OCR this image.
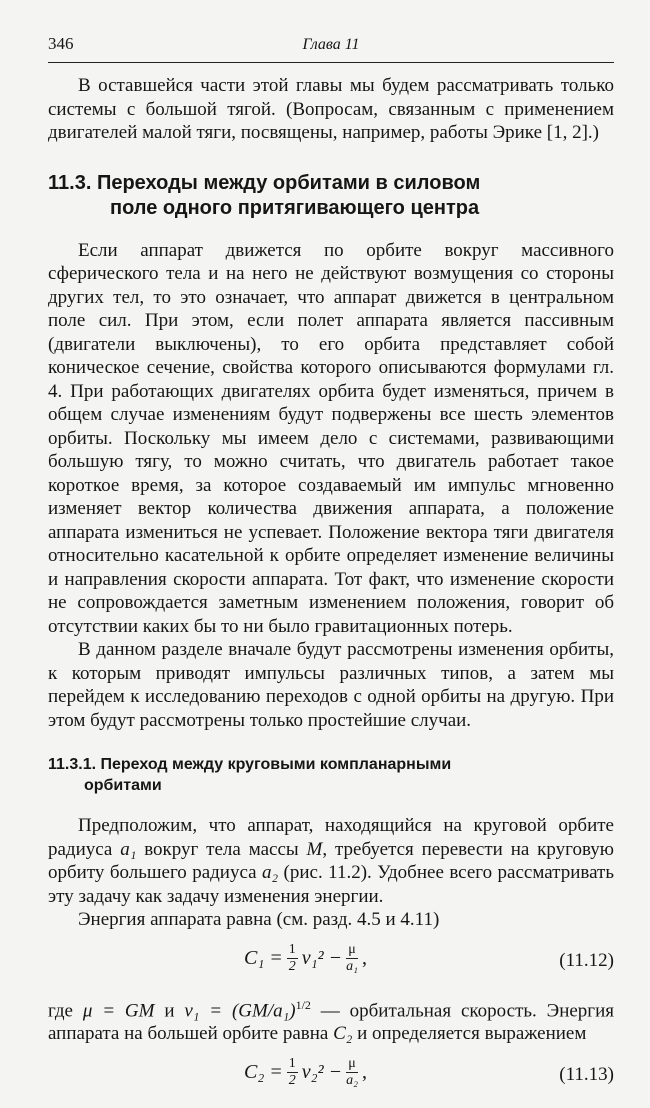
346	Глава 11

В оставшейся части этой главы мы будем рассматривать только системы с большой тягой. (Вопросам, связанным с применением двигателей малой тяги, посвящены, например, работы Эрике [1, 2].)

11.3. Переходы между орбитами в силовом
поле одного притягивающего центра

Если аппарат движется по орбите вокруг массивного сферического тела и на него не действуют возмущения со стороны других тел, то это означает, что аппарат движется в центральном поле сил. При этом, если полет аппарата является пассивным (двигатели выключены), то его орбита представляет собой коническое сечение, свойства которого описываются формулами гл. 4. При работающих двигателях орбита будет изменяться, причем в общем случае изменениям будут подвержены все шесть элементов орбиты. Поскольку мы имеем дело с системами, развивающими большую тягу, то можно считать, что двигатель работает такое короткое время, за которое создаваемый им импульс мгновенно изменяет вектор количества движения аппарата, а положение аппарата измениться не успевает. Положение вектора тяги двигателя относительно касательной к орбите определяет изменение величины и направления скорости аппарата. Тот факт, что изменение скорости не сопровождается заметным изменением положения, говорит об отсутствии каких бы то ни было гравитационных потерь.

В данном разделе вначале будут рассмотрены изменения орбиты, к которым приводят импульсы различных типов, а затем мы перейдем к исследованию переходов с одной орбиты на другую. При этом будут рассмотрены только простейшие случаи.

11.3.1. Переход между круговыми компланарными
орбитами

Предположим, что аппарат, находящийся на круговой орбите радиуса a₁ вокруг тела массы M, требуется перевести на круговую орбиту большего радиуса a₂ (рис. 11.2). Удобнее всего рассматривать эту задачу как задачу изменения энергии.

Энергия аппарата равна (см. разд. 4.5 и 4.11)

$C_1 = \frac{1}{2} v_1^2 - \frac{\mu}{\text{a₁}}$ ,	(11.12)

где μ = GM и $v_1 = (GM/a_1)^{1/2}$ — орбитальная скорость. Энергия аппарата на большей орбите равна C₂ и определяется выражением

$C_2 = \frac{1}{2} v_2^2 - \frac{\mu}{\text{a₂}}$ ,	(11.13)
